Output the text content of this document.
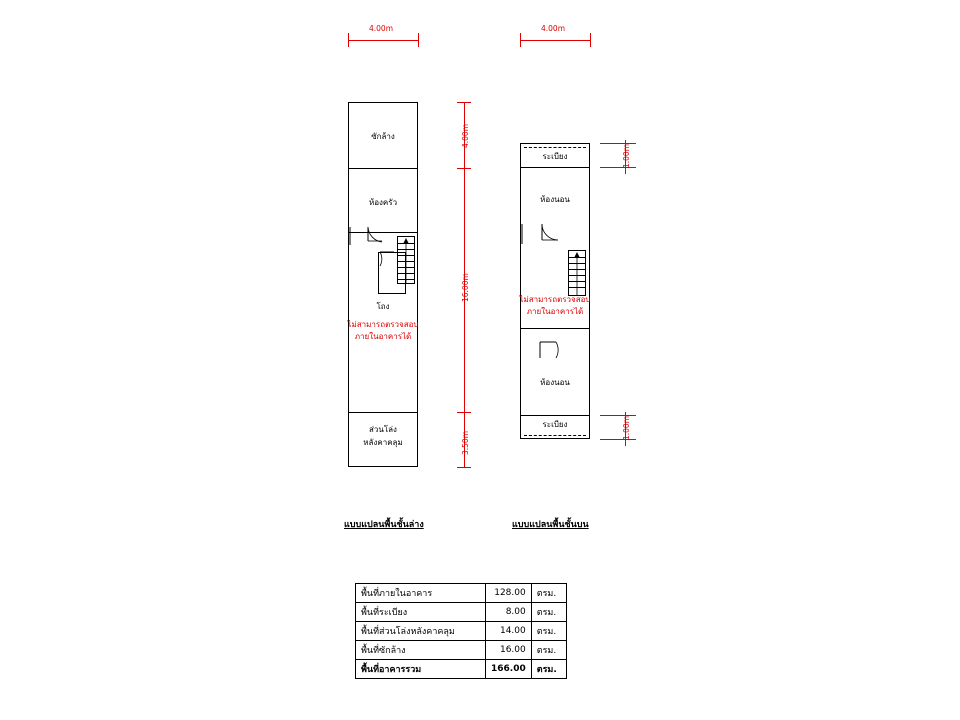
4.00m
ซักล้าง
ห้องครัว
โถง
ส่วนโล่ง
หลังคาคลุม
ไม่สามารถตรวจสอบ
ภายในอาคารได้
4.00m
16.00m
3.50m
แบบแปลนพื้นชั้นล่าง
4.00m
ระเบียง
ห้องนอน
ห้องนอน
ระเบียง
ไม่สามารถตรวจสอบ
ภายในอาคารได้
1.00m
1.00m
แบบแปลนพื้นชั้นบน
พื้นที่ภายในอาคาร	128.00	ตรม.
พื้นที่ระเบียง	8.00	ตรม.
พื้นที่ส่วนโล่งหลังคาคลุม	14.00	ตรม.
พื้นที่ซักล้าง	16.00	ตรม.
พื้นที่อาคารรวม	166.00	ตรม.
